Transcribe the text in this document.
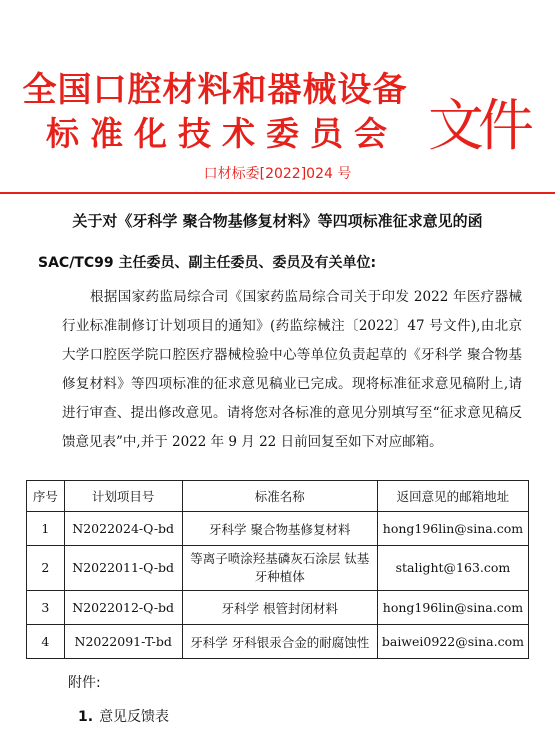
全国口腔材料和器械设备
标准化技术委员会 文件
口材标委[2022]024 号
关于对《牙科学 聚合物基修复材料》等四项标准征求意见的函
SAC/TC99 主任委员、副主任委员、委员及有关单位:
根据国家药监局综合司《国家药监局综合司关于印发 2022 年医疗器械行业标准制修订计划项目的通知》(药监综械注〔2022〕47 号文件),由北京大学口腔医学院口腔医疗器械检验中心等单位负责起草的《牙科学 聚合物基修复材料》等四项标准的征求意见稿业已完成。现将标准征求意见稿附上,请进行审查、提出修改意见。请将您对各标准的意见分别填写至“征求意见稿反馈意见表”中,并于 2022 年 9 月 22 日前回复至如下对应邮箱。
序号	计划项目号	标准名称	返回意见的邮箱地址
1	N2022024-Q-bd	牙科学 聚合物基修复材料	hong196lin@sina.com
2	N2022011-Q-bd	等离子喷涂羟基磷灰石涂层 钛基牙种植体	stalight@163.com
3	N2022012-Q-bd	牙科学 根管封闭材料	hong196lin@sina.com
4	N2022091-T-bd	牙科学 牙科银汞合金的耐腐蚀性	baiwei0922@sina.com
附件:
1. 意见反馈表
